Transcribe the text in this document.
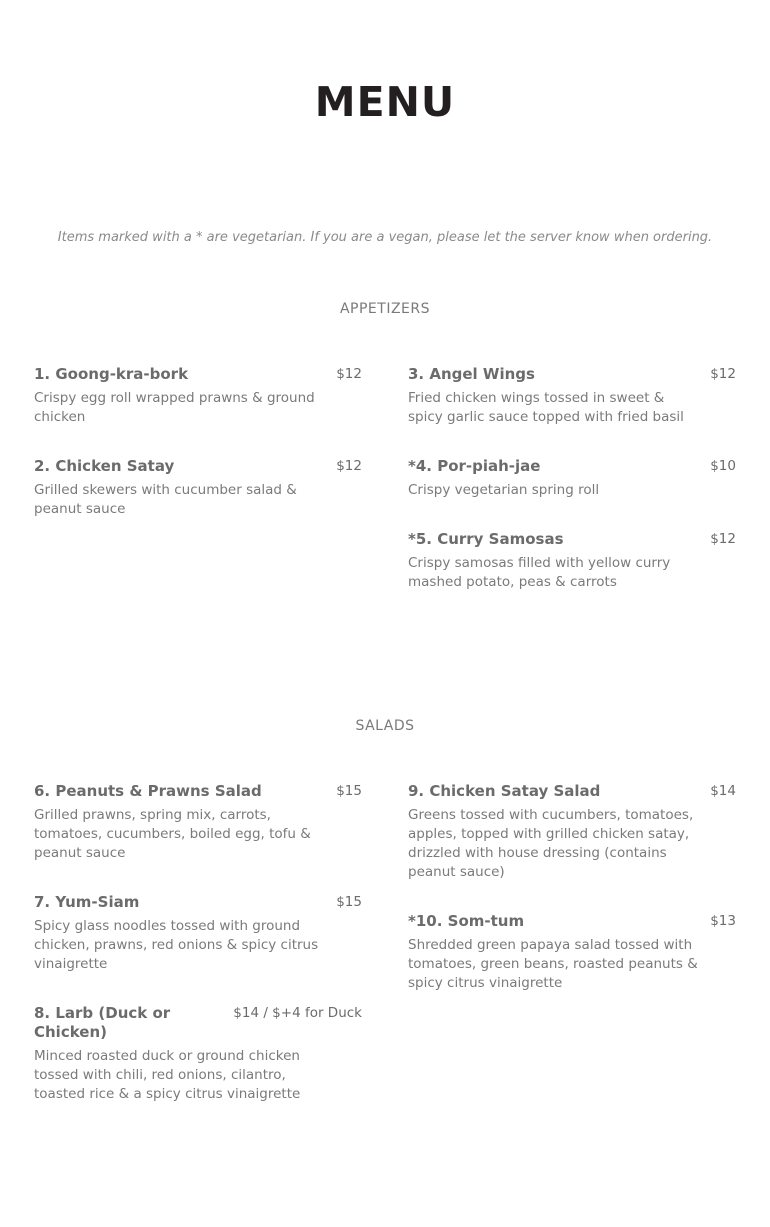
MENU
Items marked with a * are vegetarian. If you are a vegan, please let the server know when ordering.
APPETIZERS
1. Goong-kra-bork	$12
Crispy egg roll wrapped prawns & ground chicken
2. Chicken Satay	$12
Grilled skewers with cucumber salad & peanut sauce
3. Angel Wings	$12
Fried chicken wings tossed in sweet & spicy garlic sauce topped with fried basil
*4. Por-piah-jae	$10
Crispy vegetarian spring roll
*5. Curry Samosas	$12
Crispy samosas filled with yellow curry mashed potato, peas & carrots
SALADS
6. Peanuts & Prawns Salad	$15
Grilled prawns, spring mix, carrots, tomatoes, cucumbers, boiled egg, tofu & peanut sauce
7. Yum-Siam	$15
Spicy glass noodles tossed with ground chicken, prawns, red onions & spicy citrus vinaigrette
8. Larb (Duck or Chicken)
$14 / $+4 for Duck
Minced roasted duck or ground chicken tossed with chili, red onions, cilantro, toasted rice & a spicy citrus vinaigrette
9. Chicken Satay Salad	$14
Greens tossed with cucumbers, tomatoes, apples, topped with grilled chicken satay, drizzled with house dressing (contains peanut sauce)
*10. Som-tum	$13
Shredded green papaya salad tossed with tomatoes, green beans, roasted peanuts & spicy citrus vinaigrette
